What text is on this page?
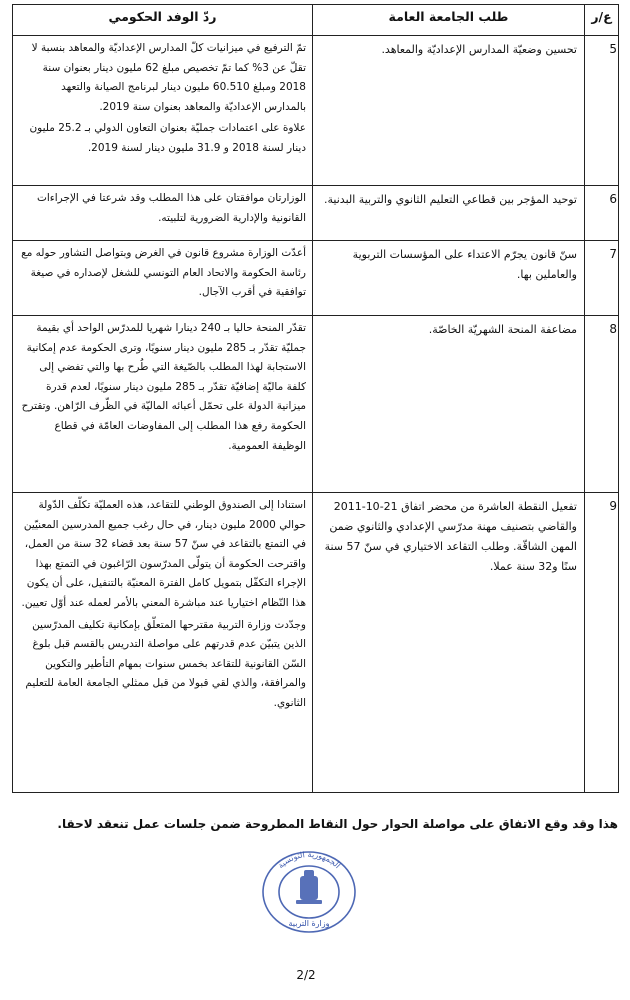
ع/ر	طلب الجامعة العامة	ردّ الوفد الحكومي
5	تحسين وضعيّة المدارس الإعداديّة والمعاهد.	تمّ الترفيع في ميزانيات كلّ المدارس الإعداديّة والمعاهد بنسبة لا تقلّ عن 3% كما تمّ تخصيص مبلغ 62 مليون دينار بعنوان سنة 2018 ومبلغ 60.510 مليون دينار لبرنامج الصيانة والتعهد بالمدارس الإعداديّة والمعاهد بعنوان سنة 2019.

علاوة على اعتمادات جمليّة بعنوان التعاون الدولي بـ 25.2 مليون دينار لسنة 2018 و 31.9 مليون دينار لسنة 2019.

6	توحيد المؤجر بين قطاعي التعليم الثانوي والتربية البدنية.	الوزارتان موافقتان على هذا المطلب وقد شرعتا في الإجراءات القانونية والإدارية الضرورية لتلبيته.

7	سنّ قانون يجرّم الاعتداء على المؤسسات التربوية والعاملين بها.	أعدّت الوزارة مشروع قانون في الغرض وبتواصل التشاور حوله مع رئاسة الحكومة والاتحاد العام التونسي للشغل لإصداره في صيغة توافقية في أقرب الآجال.

8	مضاعفة المنحة الشهريّة الخاصّة.	تقدّر المنحة حاليا بـ 240 دينارا شهريا للمدرّس الواحد أي بقيمة جمليّة تقدّر بـ 285 مليون دينار سنويًا، وترى الحكومة عدم إمكانية الاستجابة لهذا المطلب بالصّيغة التي طُرح بها والتي تفضي إلى كلفة ماليّة إضافيّة تقدّر بـ 285 مليون دينار سنويًا، لعدم قدرة ميزانية الدولة على تحمّل أعبائه الماليّة في الظّرف الرّاهن. وتقترح الحكومة رفع هذا المطلب إلى المفاوضات العامّة في قطاع الوظيفة العمومية.

9	تفعيل النقطة العاشرة من محضر اتفاق 21-10-2011 والقاضي بتصنيف مهنة مدرّسي الإعدادي والثانوي ضمن المهن الشاقّة. وطلب التقاعد الاختياري في سنّ 57 سنة سنًا و32 سنة عملا.	استنادا إلى الصندوق الوطني للتقاعد، هذه العمليّة تكلّف الدّولة حوالي 2000 مليون دينار، في حال رغب جميع المدرسين المعنيّين في التمتع بالتقاعد في سنّ 57 سنة بعد قضاء 32 سنة من العمل، واقترحت الحكومة أن يتولّى المدرّسون الرّاغبون في التمتع بهذا الإجراء التكفّل بتمويل كامل الفترة المعنيّة بالتنفيل، على أن يكون هذا النّظام اختياريا عند مباشرة المعني بالأمر لعمله عند أوّل تعيين.

وجدّدت وزارة التربية مقترحها المتعلّق بإمكانية تكليف المدرّسين الذين يتبيّن عدم قدرتهم على مواصلة التدريس بالقسم قبل بلوغ السّن القانونية للتقاعد بخمس سنوات بمهام التأطير والتكوين والمرافقة، والذي لقي قبولا من قبل ممثلي الجامعة العامة للتعليم الثانوي.

هذا وقد وقع الاتفاق على مواصلة الحوار حول النقاط المطروحة ضمن جلسات عمل تنعقد لاحقا.
الجمهورية التونسية
وزارة التربية
2/2
